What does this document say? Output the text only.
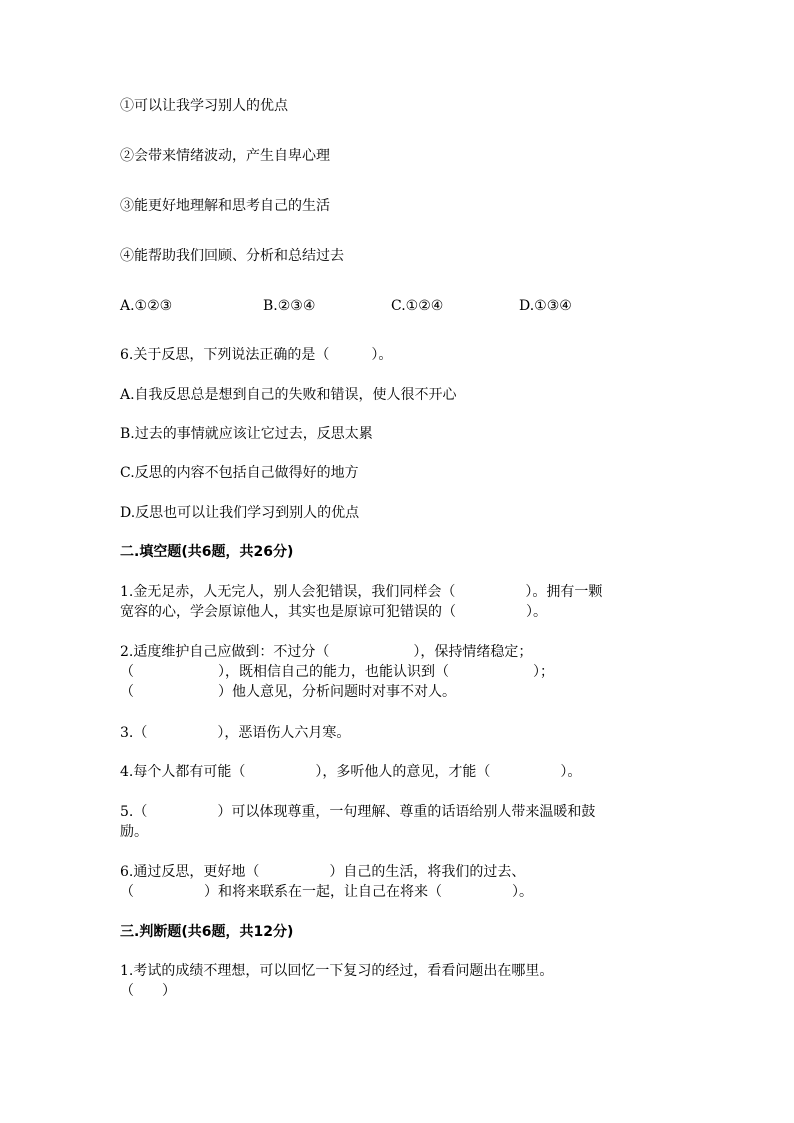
①可以让我学习别人的优点
②会带来情绪波动，产生自卑心理
③能更好地理解和思考自己的生活
④能帮助我们回顾、分析和总结过去

A.①②③

	B.②③④

	C.①②④

	D.①③④

6.关于反思，下列说法正确的是（　　　）。
A.自我反思总是想到自己的失败和错误，使人很不开心
B.过去的事情就应该让它过去，反思太累
C.反思的内容不包括自己做得好的地方
D.反思也可以让我们学习到别人的优点
二.填空题(共6题，共26分)
1.金无足赤，人无完人，别人会犯错误，我们同样会（　　　　　）。拥有一颗
宽容的心，学会原谅他人，其实也是原谅可犯错误的（　　　　　）。
2.适度维护自己应做到：不过分（　　　　　　），保持情绪稳定；
（　　　　　　），既相信自己的能力，也能认识到（　　　　　　）；
（　　　　　　）他人意见，分析问题时对事不对人。
3.（　　　　　），恶语伤人六月寒。
4.每个人都有可能（　　　　　），多听他人的意见，才能（　　　　　）。
5.（　　　　　）可以体现尊重，一句理解、尊重的话语给别人带来温暖和鼓
励。
6.通过反思，更好地（　　　　　）自己的生活，将我们的过去、
（　　　　　）和将来联系在一起，让自己在将来（　　　　　）。
三.判断题(共6题，共12分)
1.考试的成绩不理想，可以回忆一下复习的经过，看看问题出在哪里。
（　　）
